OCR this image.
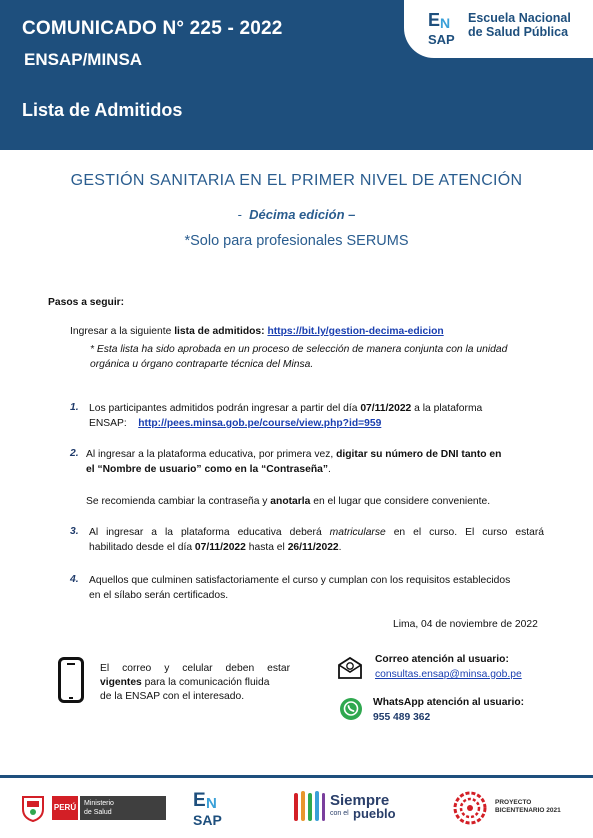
COMUNICADO N° 225 - 2022
ENSAP/MINSA
Lista de Admitidos
E N
SAP
Escuela Nacional
de Salud Pública
GESTIÓN SANITARIA EN EL PRIMER NIVEL DE ATENCIÓN
- Décima edición –
*Solo para profesionales SERUMS
Pasos a seguir:
Ingresar a la siguiente lista de admitidos: https://bit.ly/gestion-decima-edicion
* Esta lista ha sido aprobada en un proceso de selección de manera conjunta con la unidad
orgánica u órgano contraparte técnica del Minsa.
1. Los participantes admitidos podrán ingresar a partir del día 07/11/2022 a la plataforma
ENSAP: http://pees.minsa.gob.pe/course/view.php?id=959
2. Al ingresar a la plataforma educativa, por primera vez, digitar su número de DNI tanto en
el “Nombre de usuario” como en la “Contraseña”.
Se recomienda cambiar la contraseña y anotarla en el lugar que considere conveniente.
3. Al ingresar a la plataforma educativa deberá matricularse en el curso. El curso estará
habilitado desde el día 07/11/2022 hasta el 26/11/2022.
4. Aquellos que culminen satisfactoriamente el curso y cumplan con los requisitos establecidos
en el sílabo serán certificados.
Lima, 04 de noviembre de 2022
El correo y celular deben estar
vigentes para la comunicación fluida
de la ENSAP con el interesado.
Correo atención al usuario:
consultas.ensap@minsa.gob.pe
WhatsApp atención al usuario:
955 489 362
PERÚ Ministerio
de Salud
E N
SAP
Siempre
con el pueblo
PROYECTO
BICENTENARIO 2021
